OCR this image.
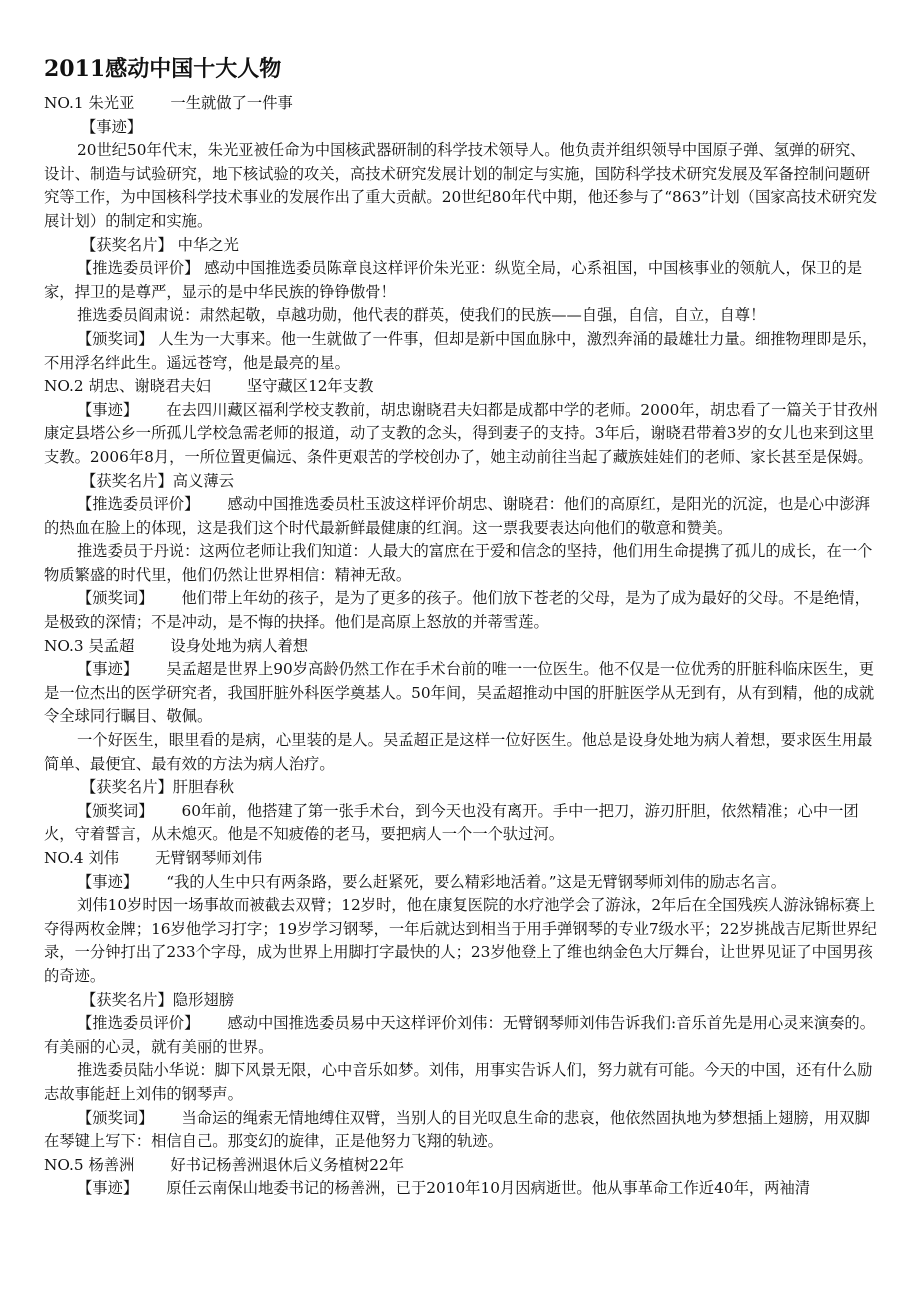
2011感动中国十大人物

NO.1 朱光亚 一生就做了一件事

【事迹】

20世纪50年代末，朱光亚被任命为中国核武器研制的科学技术领导人。他负责并组织领导中国原子弹、氢弹的研究、设计、制造与试验研究，地下核试验的攻关，高技术研究发展计划的制定与实施，国防科学技术研究发展及军备控制问题研究等工作，为中国核科学技术事业的发展作出了重大贡献。20世纪80年代中期，他还参与了“863”计划（国家高技术研究发展计划）的制定和实施。

【获奖名片】 中华之光

【推选委员评价】 感动中国推选委员陈章良这样评价朱光亚：纵览全局，心系祖国，中国核事业的领航人，保卫的是家，捍卫的是尊严，显示的是中华民族的铮铮傲骨！

推选委员阎肃说：肃然起敬，卓越功勋，他代表的群英，使我们的民族——自强，自信，自立，自尊！

【颁奖词】 人生为一大事来。他一生就做了一件事，但却是新中国血脉中，激烈奔涌的最雄壮力量。细推物理即是乐，不用浮名绊此生。遥远苍穹，他是最亮的星。

NO.2 胡忠、谢晓君夫妇 坚守藏区12年支教

【事迹】 在去四川藏区福利学校支教前，胡忠谢晓君夫妇都是成都中学的老师。2000年，胡忠看了一篇关于甘孜州康定县塔公乡一所孤儿学校急需老师的报道，动了支教的念头，得到妻子的支持。3年后，谢晓君带着3岁的女儿也来到这里支教。2006年8月，一所位置更偏远、条件更艰苦的学校创办了，她主动前往当起了藏族娃娃们的老师、家长甚至是保姆。

【获奖名片】高义薄云

【推选委员评价】 感动中国推选委员杜玉波这样评价胡忠、谢晓君：他们的高原红，是阳光的沉淀，也是心中澎湃的热血在脸上的体现，这是我们这个时代最新鲜最健康的红润。这一票我要表达向他们的敬意和赞美。

推选委员于丹说：这两位老师让我们知道：人最大的富庶在于爱和信念的坚持，他们用生命提携了孤儿的成长，在一个物质繁盛的时代里，他们仍然让世界相信：精神无敌。

【颁奖词】 他们带上年幼的孩子，是为了更多的孩子。他们放下苍老的父母，是为了成为最好的父母。不是绝情，是极致的深情；不是冲动，是不悔的抉择。他们是高原上怒放的并蒂雪莲。

NO.3 吴孟超 设身处地为病人着想

【事迹】 吴孟超是世界上90岁高龄仍然工作在手术台前的唯一一位医生。他不仅是一位优秀的肝脏科临床医生，更是一位杰出的医学研究者，我国肝脏外科医学奠基人。50年间，吴孟超推动中国的肝脏医学从无到有，从有到精，他的成就令全球同行瞩目、敬佩。

一个好医生，眼里看的是病，心里装的是人。吴孟超正是这样一位好医生。他总是设身处地为病人着想，要求医生用最简单、最便宜、最有效的方法为病人治疗。

【获奖名片】肝胆春秋

【颁奖词】 60年前，他搭建了第一张手术台，到今天也没有离开。手中一把刀，游刃肝胆，依然精准；心中一团火，守着誓言，从未熄灭。他是不知疲倦的老马，要把病人一个一个驮过河。

NO.4 刘伟 无臂钢琴师刘伟

【事迹】 “我的人生中只有两条路，要么赶紧死，要么精彩地活着。”这是无臂钢琴师刘伟的励志名言。

刘伟10岁时因一场事故而被截去双臂；12岁时，他在康复医院的水疗池学会了游泳，2年后在全国残疾人游泳锦标赛上夺得两枚金牌；16岁他学习打字；19岁学习钢琴，一年后就达到相当于用手弹钢琴的专业7级水平；22岁挑战吉尼斯世界纪录，一分钟打出了233个字母，成为世界上用脚打字最快的人；23岁他登上了维也纳金色大厅舞台，让世界见证了中国男孩的奇迹。

【获奖名片】隐形翅膀

【推选委员评价】 感动中国推选委员易中天这样评价刘伟：无臂钢琴师刘伟告诉我们:音乐首先是用心灵来演奏的。有美丽的心灵，就有美丽的世界。

推选委员陆小华说：脚下风景无限，心中音乐如梦。刘伟，用事实告诉人们，努力就有可能。今天的中国，还有什么励志故事能赶上刘伟的钢琴声。

【颁奖词】 当命运的绳索无情地缚住双臂，当别人的目光叹息生命的悲哀，他依然固执地为梦想插上翅膀，用双脚在琴键上写下：相信自己。那变幻的旋律，正是他努力飞翔的轨迹。

NO.5 杨善洲 好书记杨善洲退休后义务植树22年

【事迹】 原任云南保山地委书记的杨善洲，已于2010年10月因病逝世。他从事革命工作近40年，两袖清
